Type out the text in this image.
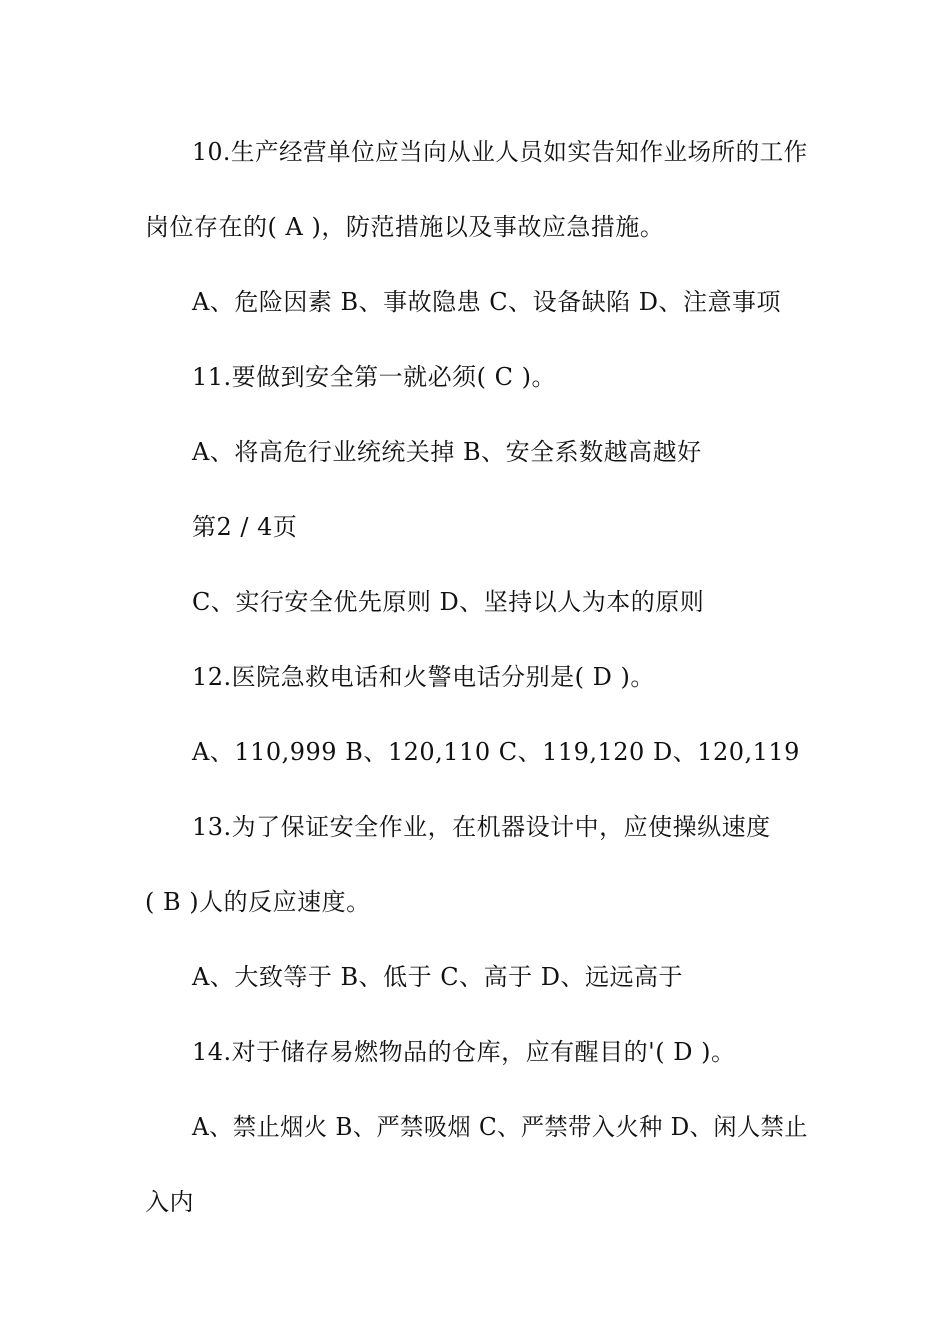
10.生产经营单位应当向从业人员如实告知作业场所的工作
岗位存在的( A )，防范措施以及事故应急措施。
A、危险因素 B、事故隐患 C、设备缺陷 D、注意事项
11.要做到安全第一就必须( C )。
A、将高危行业统统关掉 B、安全系数越高越好
第2 / 4页
C、实行安全优先原则 D、坚持以人为本的原则
12.医院急救电话和火警电话分别是( D )。
A、110,999 B、120,110 C、119,120 D、120,119
13.为了保证安全作业，在机器设计中，应使操纵速度
( B )人的反应速度。
A、大致等于 B、低于 C、高于 D、远远高于
14.对于储存易燃物品的仓库，应有醒目的'( D )。
A、禁止烟火 B、严禁吸烟 C、严禁带入火种 D、闲人禁止
入内
